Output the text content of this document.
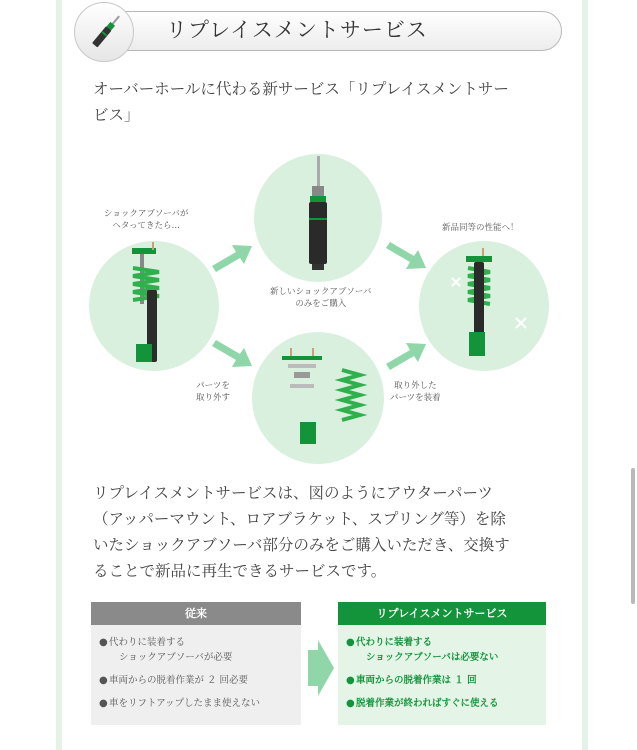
リプレイスメントサービス
オーバーホールに代わる新サービス「リプレイスメントサー
ビス」
ショックアブソーバが
ヘタってきたら…
新しいショックアブソーバ
のみをご購入
新品同等の性能へ！
パーツを
取り外す
取り外した
パーツを装着
リプレイスメントサービスは、図のようにアウターパーツ
（アッパーマウント、ロアブラケット、スプリング等）を除
いたショックアブソーバ部分のみをご購入いただき、交換す
ることで新品に再生できるサービスです。
従来
● 代わりに装着する
ショックアブソーバが必要
● 車両からの脱着作業が ２ 回必要
● 車をリフトアップしたまま使えない
リプレイスメントサービス
● 代わりに装着する
ショックアブソーバは必要ない
● 車両からの脱着作業は １ 回
● 脱着作業が終わればすぐに使える
